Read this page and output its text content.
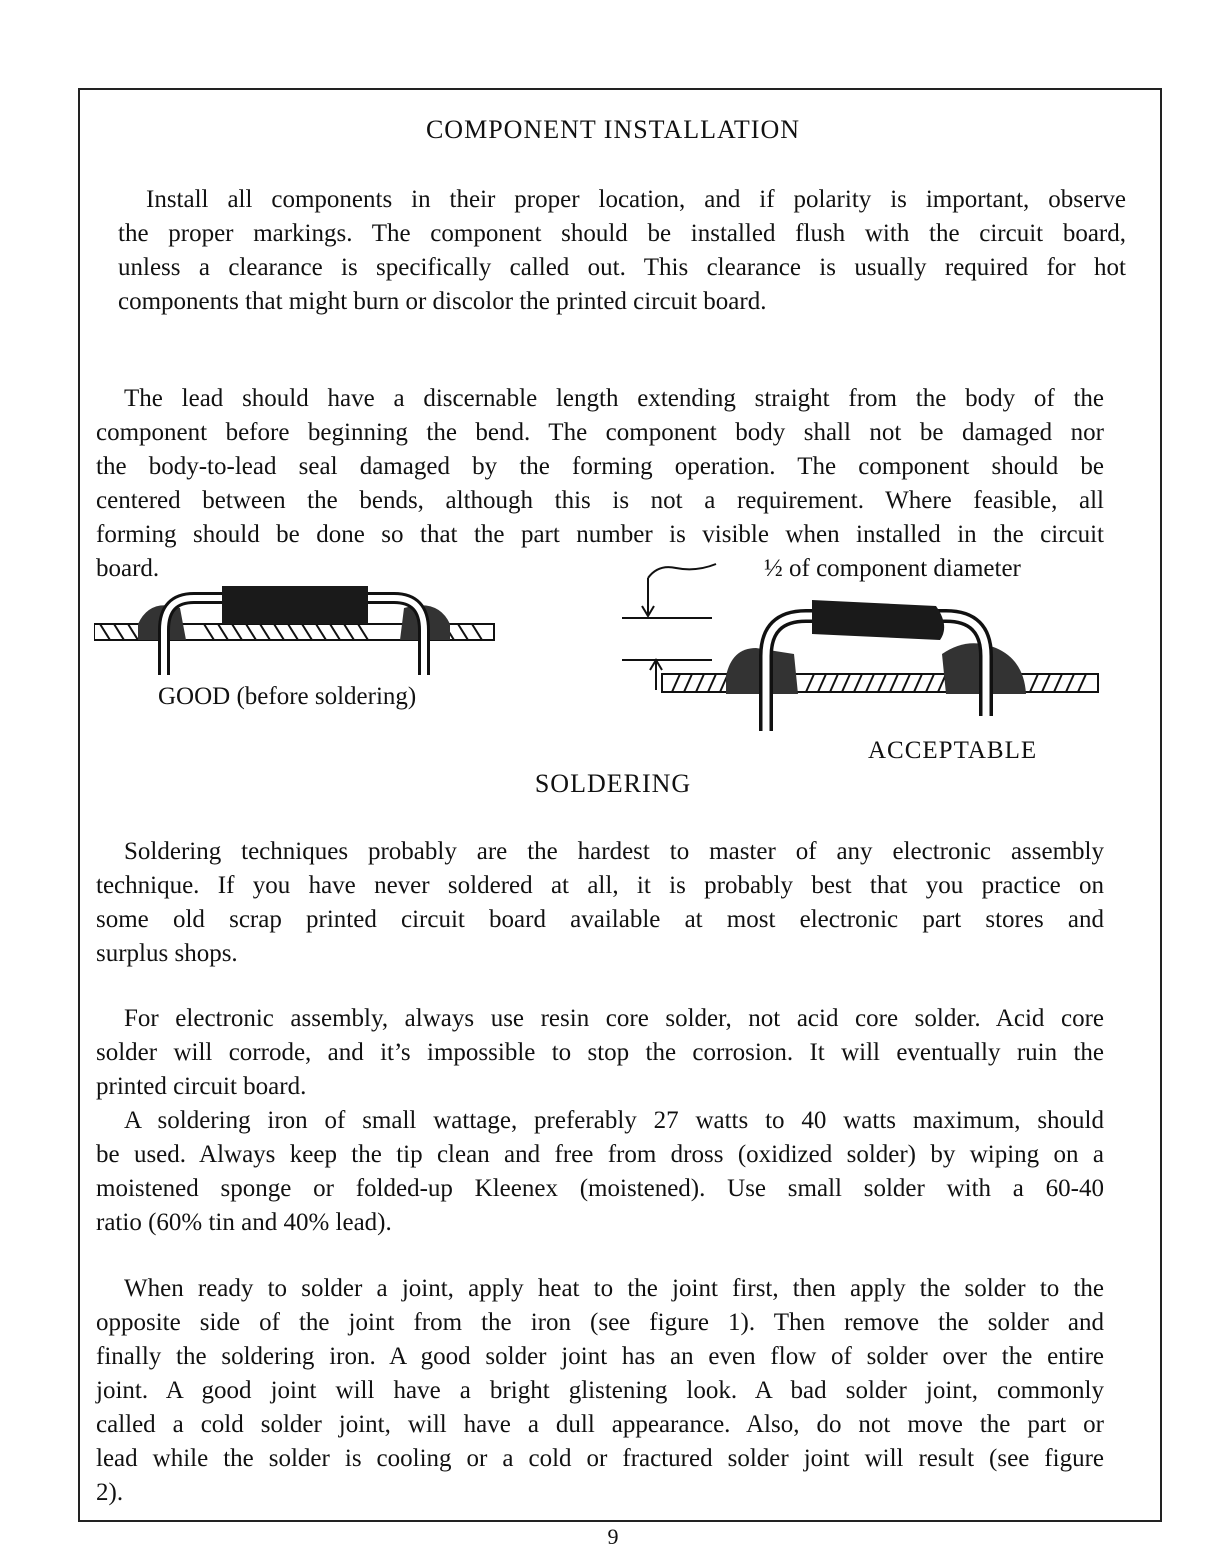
COMPONENT INSTALLATION
Install all components in their proper location, and if polarity is important, observe
the proper markings. The component should be installed flush with the circuit board,
unless a clearance is specifically called out. This clearance is usually required for hot
components that might burn or discolor the printed circuit board.
The lead should have a discernable length extending straight from the body of the
component before beginning the bend. The component body shall not be damaged nor
the body-to-lead seal damaged by the forming operation. The component should be
centered between the bends, although this is not a requirement. Where feasible, all
forming should be done so that the part number is visible when installed in the circuit
board.
GOOD (before soldering)
½ of component diameter
ACCEPTABLE
SOLDERING
Soldering techniques probably are the hardest to master of any electronic assembly
technique. If you have never soldered at all, it is probably best that you practice on
some old scrap printed circuit board available at most electronic part stores and
surplus shops.
For electronic assembly, always use resin core solder, not acid core solder. Acid core
solder will corrode, and it’s impossible to stop the corrosion. It will eventually ruin the
printed circuit board.
A soldering iron of small wattage, preferably 27 watts to 40 watts maximum, should
be used. Always keep the tip clean and free from dross (oxidized solder) by wiping on a
moistened sponge or folded-up Kleenex (moistened). Use small solder with a 60-40
ratio (60% tin and 40% lead).
When ready to solder a joint, apply heat to the joint first, then apply the solder to the
opposite side of the joint from the iron (see figure 1). Then remove the solder and
finally the soldering iron. A good solder joint has an even flow of solder over the entire
joint. A good joint will have a bright glistening look. A bad solder joint, commonly
called a cold solder joint, will have a dull appearance. Also, do not move the part or
lead while the solder is cooling or a cold or fractured solder joint will result (see figure
2).
9
